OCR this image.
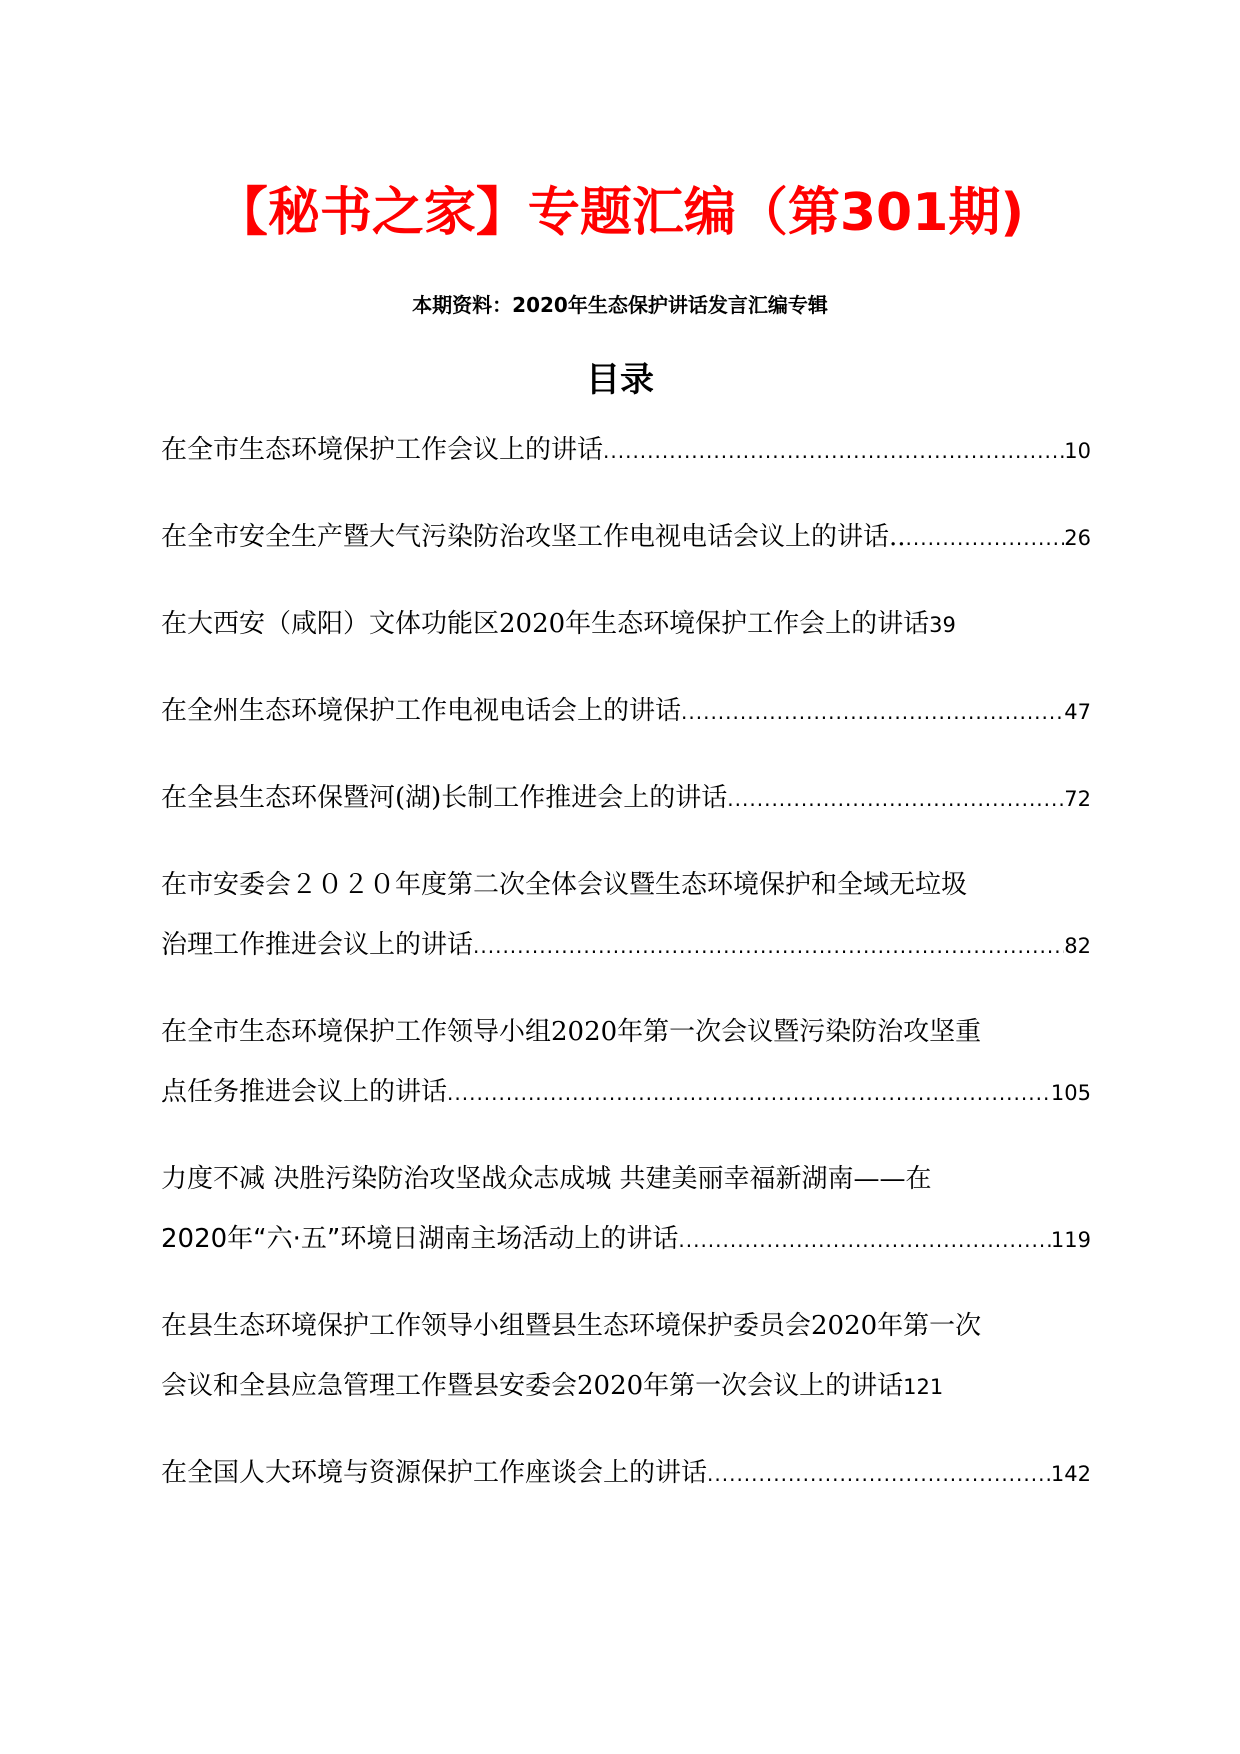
【秘书之家】专题汇编（第301期)
本期资料：2020年生态保护讲话发言汇编专辑
目录
在全市生态环境保护工作会议上的讲话 .....	10
在全市安全生产暨大气污染防治攻坚工作电视电话会议上的讲话.. .....	26
在大西安（咸阳）文体功能区2020年生态环境保护工作会上的讲话 39
在全州生态环境保护工作电视电话会上的讲话 .....	47
在全县生态环保暨河(湖)长制工作推进会上的讲话 .....	72
在市安委会２０２０年度第二次全体会议暨生态环境保护和全域无垃圾
治理工作推进会议上的讲话 .....	82
在全市生态环境保护工作领导小组2020年第一次会议暨污染防治攻坚重
点任务推进会议上的讲话 .....	105
力度不减 决胜污染防治攻坚战众志成城 共建美丽幸福新湖南——在
2020年“六·五”环境日湖南主场活动上的讲话 .....	119
在县生态环境保护工作领导小组暨县生态环境保护委员会2020年第一次
会议和全县应急管理工作暨县安委会2020年第一次会议上的讲话 121
在全国人大环境与资源保护工作座谈会上的讲话 .....	142
